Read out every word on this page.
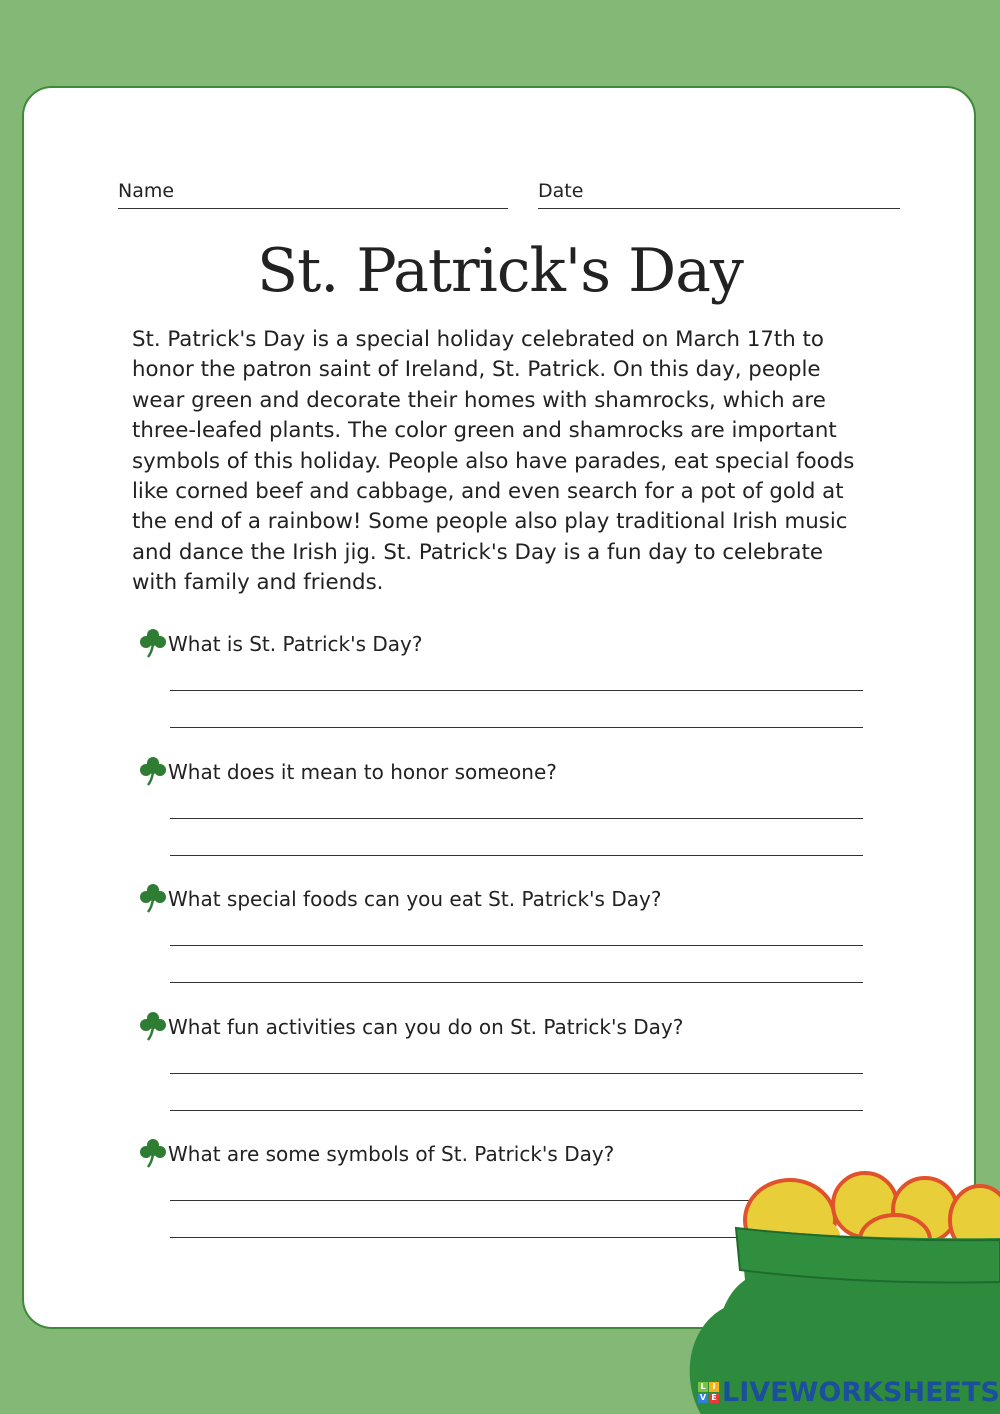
Name	Date
St. Patrick's Day
St. Patrick's Day is a special holiday celebrated on March 17th to honor the patron saint of Ireland, St. Patrick. On this day, people wear green and decorate their homes with shamrocks, which are three-leafed plants. The color green and shamrocks are important symbols of this holiday. People also have parades, eat special foods like corned beef and cabbage, and even search for a pot of gold at the end of a rainbow! Some people also play traditional Irish music and dance the Irish jig. St. Patrick's Day is a fun day to celebrate with family and friends.
What is St. Patrick's Day?
What does it mean to honor someone?
What special foods can you eat St. Patrick's Day?
What fun activities can you do on St. Patrick's Day?
What are some symbols of St. Patrick's Day?
L I
V E LIVEWORKSHEETS
